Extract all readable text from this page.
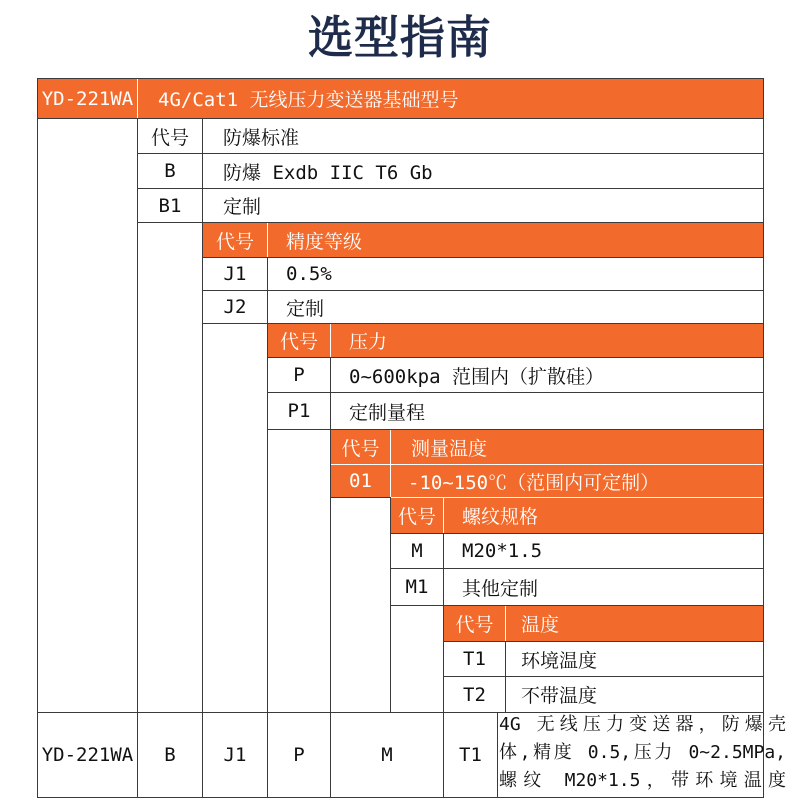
选型指南
YD-221WA 4G/Cat1 无线压力变送器基础型号
代号 防爆标准
B 防爆 Exdb IIC T6 Gb
B1 定制
代号 精度等级
J1 0.5%
J2 定制
代号 压力
P 0~600kpa 范围内（扩散硅）
P1 定制量程
代号 测量温度
01 -10~150℃（范围内可定制）
代号 螺纹规格
M M20*1.5
M1 其他定制
代号 温度
T1 环境温度
T2 不带温度
YD-221WA B	J1 P	M	T1
4G 无线压力变送器，防爆壳
体,精度 0.5,压力 0~2.5MPa,
螺纹 M20*1.5，带环境温度
